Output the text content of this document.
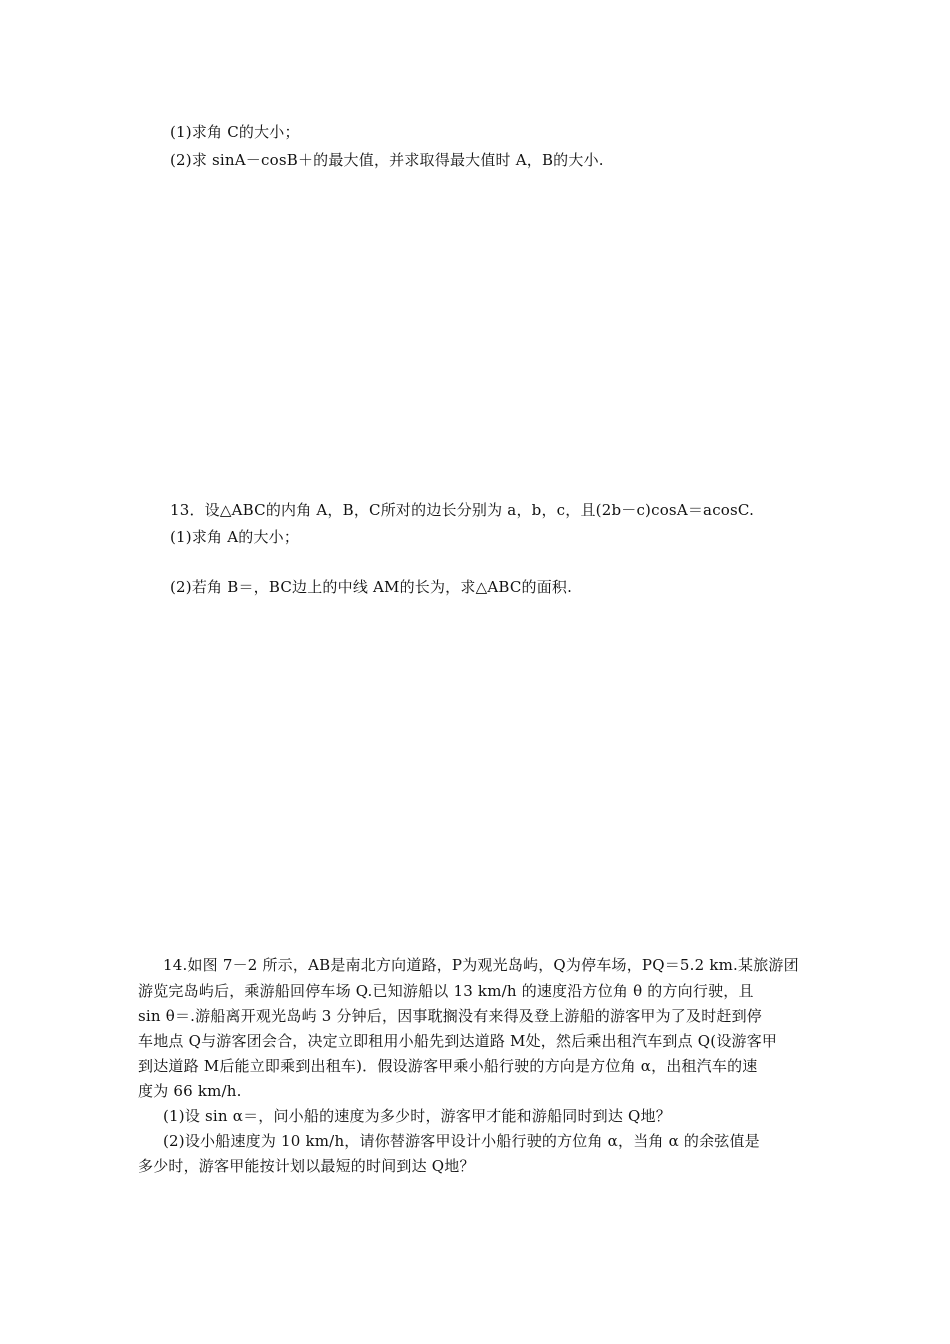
(1)求角 C的大小；
(2)求 sinA－cosB＋的最大值，并求取得最大值时 A，B的大小.
13．设△ABC的内角 A，B，C所对的边长分别为 a，b，c，且(2b－c)cosA＝acosC.
(1)求角 A的大小；
(2)若角 B＝，BC边上的中线 AM的长为，求△ABC的面积.
14.如图 7－2 所示，AB是南北方向道路，P为观光岛屿，Q为停车场，PQ＝5.2 km.某旅游团
游览完岛屿后，乘游船回停车场 Q.已知游船以 13 km/h 的速度沿方位角 θ 的方向行驶，且
sin θ＝.游船离开观光岛屿 3 分钟后，因事耽搁没有来得及登上游船的游客甲为了及时赶到停
车地点 Q与游客团会合，决定立即租用小船先到达道路 M处，然后乘出租汽车到点 Q(设游客甲
到达道路 M后能立即乘到出租车)．假设游客甲乘小船行驶的方向是方位角 α，出租汽车的速
度为 66 km/h.
(1)设 sin α＝，问小船的速度为多少时，游客甲才能和游船同时到达 Q地？
(2)设小船速度为 10 km/h，请你替游客甲设计小船行驶的方位角 α，当角 α 的余弦值是
多少时，游客甲能按计划以最短的时间到达 Q地？
